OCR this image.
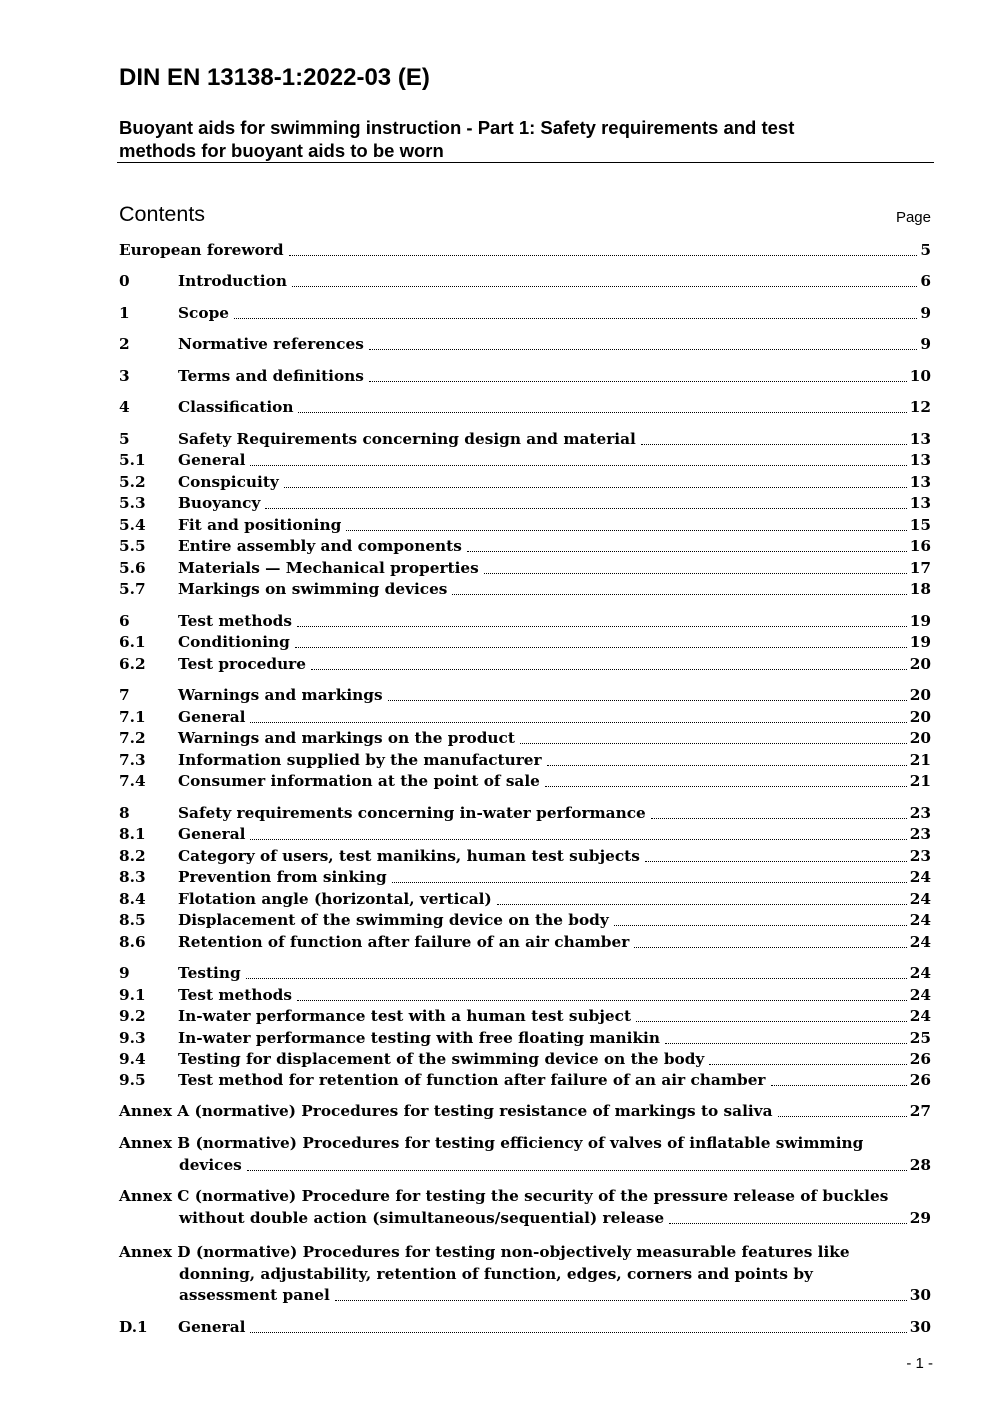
DIN EN 13138-1:2022-03 (E)
Buoyant aids for swimming instruction - Part 1: Safety requirements and test
methods for buoyant aids to be worn
Contents	Page
European foreword	5
0	Introduction	6
1	Scope	9
2	Normative references	9
3	Terms and definitions	10
4	Classification	12
5	Safety Requirements concerning design and material	13
5.1 General	13
5.2 Conspicuity	13
5.3 Buoyancy	13
5.4 Fit and positioning	15
5.5 Entire assembly and components	16
5.6 Materials — Mechanical properties	17
5.7 Markings on swimming devices	18
6	Test methods	19
6.1 Conditioning	19
6.2 Test procedure	20
7	Warnings and markings	20
7.1 General	20
7.2 Warnings and markings on the product	20
7.3 Information supplied by the manufacturer	21
7.4 Consumer information at the point of sale	21
8	Safety requirements concerning in-water performance	23
8.1 General	23
8.2 Category of users, test manikins, human test subjects	23
8.3 Prevention from sinking	24
8.4 Flotation angle (horizontal, vertical)	24
8.5 Displacement of the swimming device on the body	24
8.6 Retention of function after failure of an air chamber	24
9	Testing	24
9.1 Test methods	24
9.2 In-water performance test with a human test subject	24
9.3 In-water performance testing with free floating manikin	25
9.4 Testing for displacement of the swimming device on the body	26
9.5 Test method for retention of function after failure of an air chamber	26
Annex A (normative) Procedures for testing resistance of markings to saliva	27
Annex B (normative) Procedures for testing efficiency of valves of inflatable swimming
devices	28
Annex C (normative) Procedure for testing the security of the pressure release of buckles
without double action (simultaneous/sequential) release	29
Annex D (normative) Procedures for testing non-objectively measurable features like
donning, adjustability, retention of function, edges, corners and points by
assessment panel	30
D.1 General	30
- 1 -
